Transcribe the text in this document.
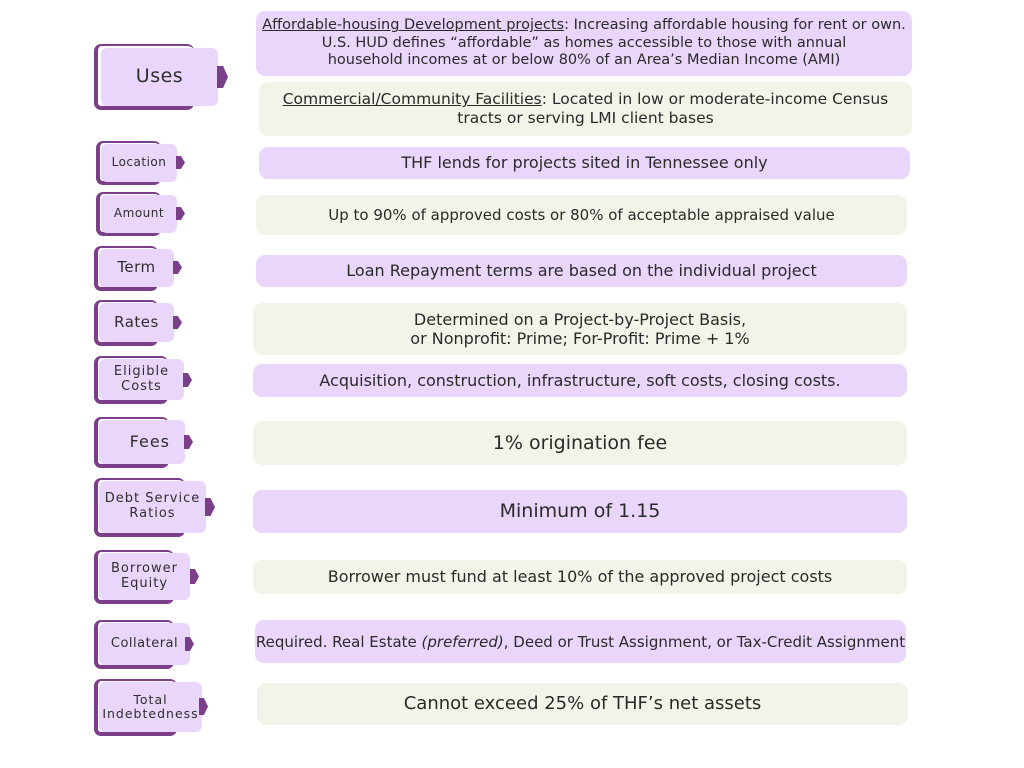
Uses
Affordable-housing Development projects: Increasing affordable housing for rent or own.
U.S. HUD defines “affordable” as homes accessible to those with annual
household incomes at or below 80% of an Area’s Median Income (AMI)
Commercial/Community Facilities: Located in low or moderate-income Census
tracts or serving LMI client bases
Location	THF lends for projects sited in Tennessee only
Amount	Up to 90% of approved costs or 80% of acceptable appraised value
Term	Loan Repayment terms are based on the individual project
Rates	Determined on a Project-by-Project Basis,
or Nonprofit: Prime; For-Profit: Prime + 1%
Eligible
Costs	Acquisition, construction, infrastructure, soft costs, closing costs.
Fees	1% origination fee
Debt Service
Ratios	Minimum of 1.15
Borrower
Equity	Borrower must fund at least 10% of the approved project costs
Collateral	Required. Real Estate (preferred), Deed or Trust Assignment, or Tax-Credit Assignment
Total
Indebtedness	Cannot exceed 25% of THF’s net assets
